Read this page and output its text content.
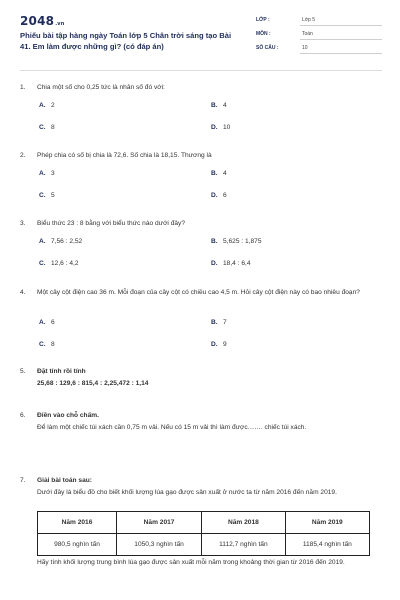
2048.vn
Phiếu bài tập hàng ngày Toán lớp 5 Chân trời sáng tạo Bài 41. Em làm được những gì? (có đáp án)
LỚP :	Lớp 5
MÔN :	Toán
SỐ CÂU :	10
1.	Chia một số cho 0,25 tức là nhân số đó với:
A. 2	B. 4
C. 8	D. 10
2.	Phép chia có số bị chia là 72,6. Số chia là 18,15. Thương là
A. 3	B. 4
C. 5	D. 6
3.	Biểu thức 23 : 8 bằng với biểu thức nào dưới đây?
A. 7,56 : 2,52	B. 5,625 : 1,875
C. 12,6 : 4,2	D. 18,4 : 6,4
4.	Một cây cột điện cao 36 m. Mỗi đoạn của cây cột có chiều cao 4,5 m. Hỏi cây cột điện này có bao nhiêu đoạn?
A. 6	B. 7
C. 8	D. 9
5.	Đặt tính rồi tính
25,68 : 129,6 : 815,4 : 2,25,472 : 1,14
6.	Điền vào chỗ chấm.
Để làm một chiếc túi xách cần 0,75 m vải. Nếu có 15 m vải thì làm được……. chiếc túi xách.
7.	Giải bài toán sau:
Dưới đây là biểu đồ cho biết khối lượng lúa gạo được sản xuất ở nước ta từ năm 2016 đến năm 2019.
Hãy tính khối lượng trung bình lúa gạo được sản xuất mỗi năm trong khoảng thời gian từ 2016 đến 2019.
Năm 2016	Năm 2017	Năm 2018	Năm 2019
980,5 nghìn tấn	1050,3 nghìn tấn	1112,7 nghìn tấn	1185,4 nghìn tấn
